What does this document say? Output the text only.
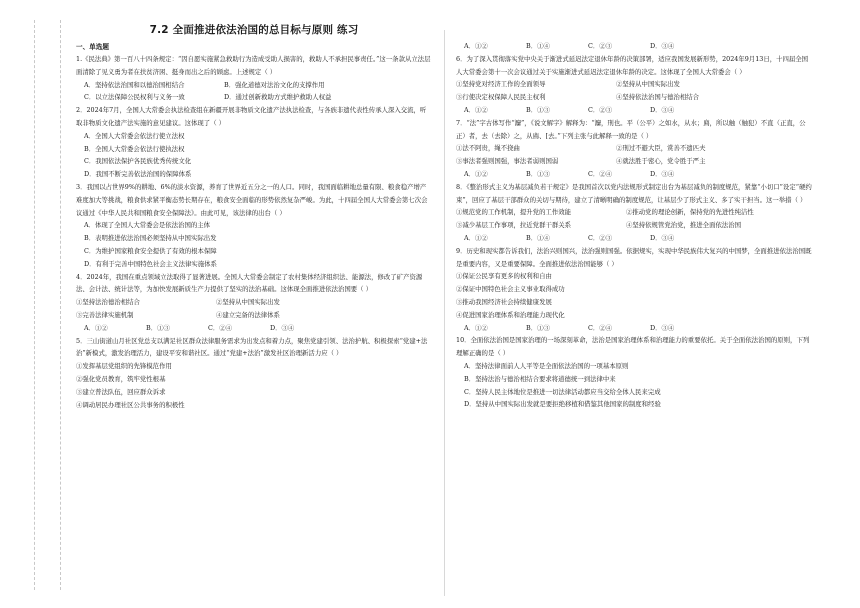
7.2 全面推进依法治国的总目标与原则 练习
一、单选题

1.《民法典》第一百八十四条规定：“因自愿实施紧急救助行为造成受助人损害的，救助人不承担民事责任。”这一条款从立法层面清除了见义勇为者在扶贫济困、挺身而出之后的顾虑。上述规定（ ）

A．坚持依法治国和以德治国相结合	B．强化道德对法治文化的支撑作用
C．以立法保障公民权利与义务一致	D．通过创新救助方式维护救助人权益

2．2024年7月，全国人大常委会执法检查组在新疆开展非物质文化遗产法执法检查，与各族非遗代表性传承人深入交流，听取非物质文化遗产法实施的意见建议。这体现了（ ）

A．全国人大常委会依法行使立法权

B．全国人大常委会依法行使执法权

C．我国依法保护各民族优秀传统文化

D．我国不断完善依法治国的保障体系

3．我国以占世界9%的耕地、6%的淡水资源，养育了世界近五分之一的人口。同时，我国面临耕地总量有限、粮食稳产增产难度加大等挑战，粮食供求紧平衡态势长期存在，粮食安全面临的形势依然复杂严峻。为此，十四届全国人大常委会第七次会议通过《中华人民共和国粮食安全保障法》。由此可见，该法律的出台（ ）

A．体现了全国人大常委会是依法治国的主体

B．表明推进依法治国必须坚持从中国实际出发

C．为维护国家粮食安全提供了有效的根本保障

D．有利于完善中国特色社会主义法律实施体系

4．2024年，我国在重点领域立法取得了显著进展。全国人大常委会制定了农村集体经济组织法、能源法，修改了矿产资源法、会计法、统计法等，为加快发展新质生产力提供了坚实的法治基础。这体现全面推进依法治国要（ ）

①坚持法治德治相结合	②坚持从中国实际出发
③完善法律实施机制	④建立完备的法律体系
A．①②	B．①③	C．②④	D．③④

5．三山街道山月社区党总支以满足社区群众法律服务需求为出发点和着力点，聚焦党建引领、法治护航、积极探索“党建+法治”新模式，激发治理活力，建设平安和谐社区。通过“党建+法治”激发社区治理新活力应（ ）

①发挥基层党组织的先锋模范作用

②强化党员教育，筑牢党性根基

③建立普法队伍，回应群众诉求

④调动居民办理社区公共事务的积极性

A．①②	B．①④	C．②③	D．③④

6．为了深入贯彻落实党中央关于渐进式延迟法定退休年龄的决策部署，适应我国发展新形势，2024年9月13日，十四届全国人大常委会第十一次会议通过关于实施渐进式延迟法定退休年龄的决定。这体现了全国人大常委会（ ）

①坚持党对经济工作的全面领导	②坚持从中国实际出发
③行使决定权保障人民民主权利	④坚持依法治国与德治相结合
A．①②	B．①③	C．②③	D．③④

7．“法”字古体写作“灋”，《说文解字》解释为：“灋，刑也。平（公平）之如水，从水；廌，所以触（触犯）不直（正直，公正）者，去（去除）之，从廌、[去。”下列主张与此解释一致的是（ ）

①法不阿贵，绳不挠曲	②刑过不避大臣，赏善不遗匹夫
③事法者强则国强，事法者弱则国弱	④就法胜于密心，党令胜于严主
A．①②	B．①③	C．②④	D．③④

8．《整治形式主义为基层减负若干规定》是我国首次以党内法规形式制定出台为基层减负的制度规范，紧靠“小切口”设定“硬约束”，回应了基层干部群众的关切与期待，建立了清晰明确的制度规范，让基层少了形式主义、多了实干担当。这一举措（ ）

①规范党的工作机制，提升党的工作效能	②推动党的理论创新，保持党的先进性纯洁性
③减少基层工作事项，拉近党群干群关系	④坚持依规管党治党，推进全面依法治国
A．①②	B．①④	C．②③	D．③④

9．历史和现实都告诉我们，法治兴则国兴，法治强则国强。依据规实，实现中华民族伟大复兴的中国梦，全面推进依法治国既是重要内容，又是重要保障。全面推进依法治国能够（ ）

①保证公民享有更多的权利和自由

②保证中国特色社会主义事业取得成功

③推动我国经济社会持续健康发展

④促进国家治理体系和治理能力现代化

A．①②	B．①③	C．②④	D．③④

10．全面依法治国是国家治理的一场深刻革命，法治是国家治理体系和治理能力的重要依托。关于全面依法治国的原则，下列理解正确的是（ ）

A．坚持法律面前人人平等是全面依法治国的一项基本原则

B．坚持法治与德治相结合要求将道德统一到法律中来

C．坚持人民主体地位是推进一切法律活动都应当交给全体人民来完成

D．坚持从中国实际出发就是要拒绝移植和借鉴其他国家的制度和经验
